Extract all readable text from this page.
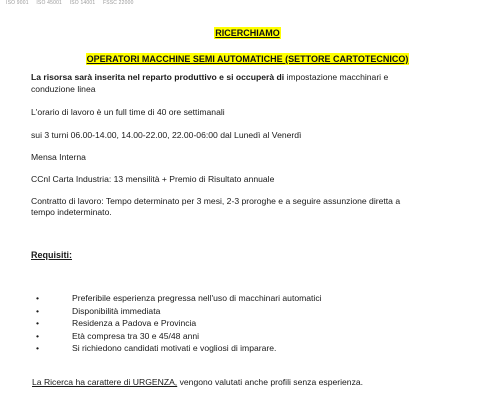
ISO 9001 ISO 45001 ISO 14001 FSSC 22000
RICERCHIAMO
OPERATORI MACCHINE SEMI AUTOMATICHE (SETTORE CARTOTECNICO)
La risorsa sarà inserita nel reparto produttivo e si occuperà di impostazione macchinari e
conduzione linea
L'orario di lavoro è un full time di 40 ore settimanali
sui 3 turni 06.00-14.00, 14.00-22.00, 22.00-06:00 dal Lunedì al Venerdì
Mensa Interna
CCnl Carta Industria: 13 mensilità + Premio di Risultato annuale
Contratto di lavoro: Tempo determinato per 3 mesi, 2-3 proroghe e a seguire assunzione diretta a
tempo indeterminato.
Requisiti:
•	Preferibile esperienza pregressa nell'uso di macchinari automatici
•	Disponibilità immediata
•	Residenza a Padova e Provincia
•	Età compresa tra 30 e 45/48 anni
•	Si richiedono candidati motivati e vogliosi di imparare.
La Ricerca ha carattere di URGENZA, vengono valutati anche profili senza esperienza.
